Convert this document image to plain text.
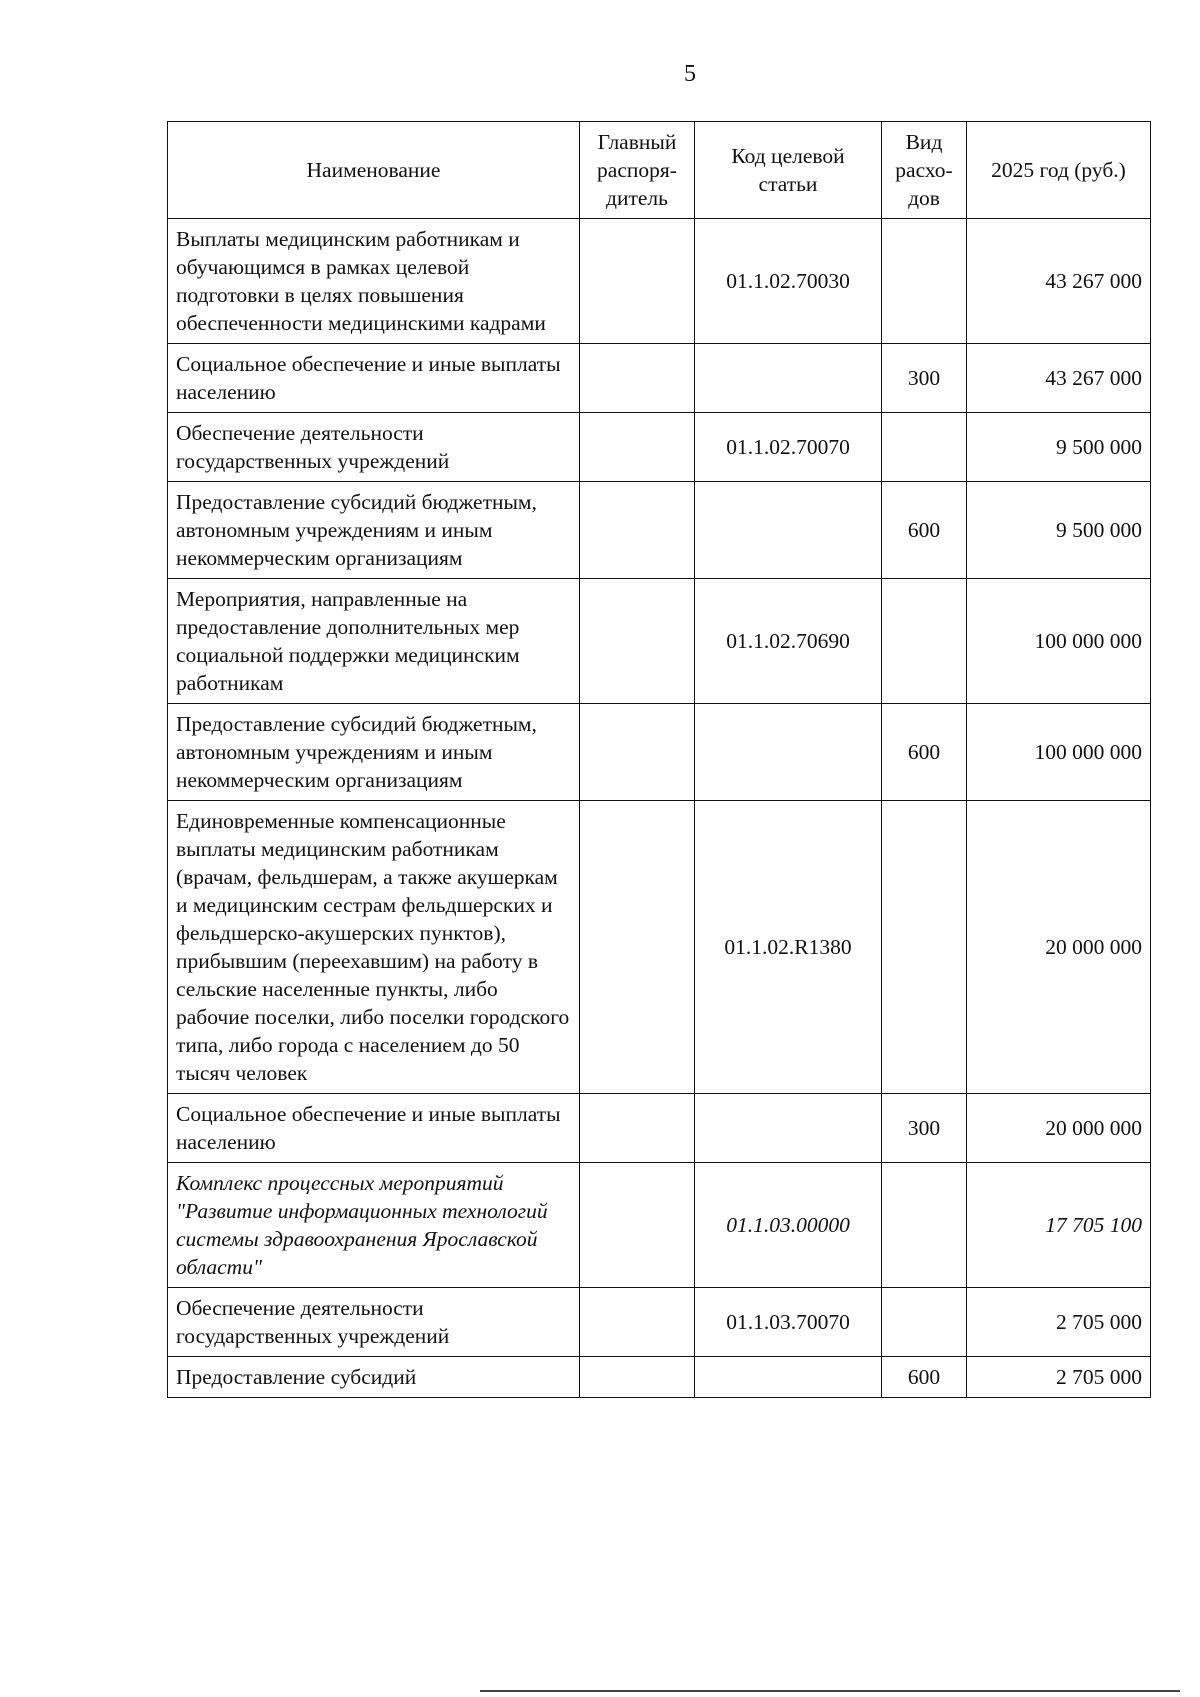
5
Наименование	Главный распоря-дитель	Код целевой статьи	Вид расхо-дов	2025 год (руб.)
Выплаты медицинским работникам и обучающимся в рамках целевой подготовки в целях повышения обеспеченности медицинскими кадрами		01.1.02.70030		43 267 000
Социальное обеспечение и иные выплаты населению			300	43 267 000
Обеспечение деятельности государственных учреждений		01.1.02.70070		9 500 000
Предоставление субсидий бюджетным, автономным учреждениям и иным некоммерческим организациям			600	9 500 000
Мероприятия, направленные на предоставление дополнительных мер социальной поддержки медицинским работникам		01.1.02.70690		100 000 000
Предоставление субсидий бюджетным, автономным учреждениям и иным некоммерческим организациям			600	100 000 000
Единовременные компенсационные выплаты медицинским работникам (врачам, фельдшерам, а также акушеркам и медицинским сестрам фельдшерских и фельдшерско-акушерских пунктов), прибывшим (переехавшим) на работу в сельские населенные пункты, либо рабочие поселки, либо поселки городского типа, либо города с населением до 50 тысяч человек		01.1.02.R1380		20 000 000
Социальное обеспечение и иные выплаты населению			300	20 000 000
Комплекс процессных мероприятий "Развитие информационных технологий системы здравоохранения Ярославской области"		01.1.03.00000		17 705 100
Обеспечение деятельности государственных учреждений		01.1.03.70070		2 705 000
Предоставление субсидий			600	2 705 000
